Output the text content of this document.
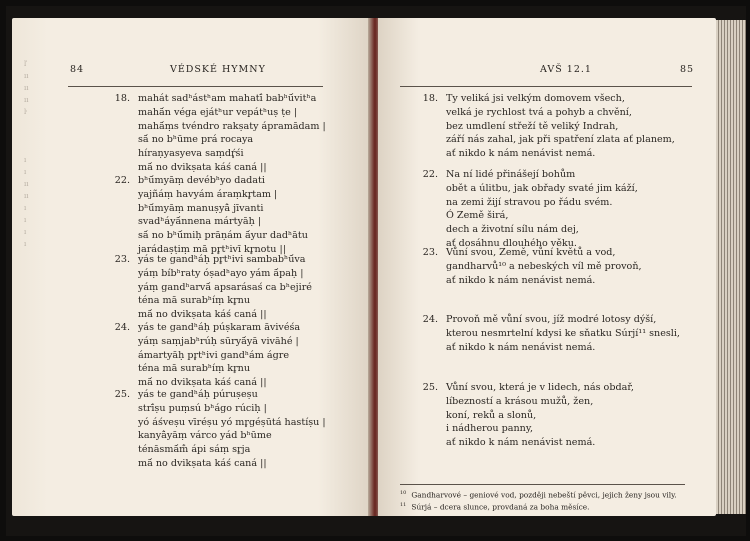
ľ
ıı
ıı
ıı
ŀ

ı
ı
ıı
ıı
ı
ı
ı
ı
84	VÉDSKÉ HYMNY
18. mahát sadʰástʰam mahatī́ babʰū́vitʰa
mahā́n végа ejátʰur vepátʰuṣ ṭe |
mahā́ṃs tvéndro rakṣaty ápramādam |
sā́ no bʰūme prá rocaya
híraṇyasyeva saṃdŕ̥śi
mā́ no dvikṣata káś caná ||
22. bʰū́myāṃ devébʰyo dadati
yajñáṃ havyám áraṃkr̥tam |
bʰū́myāṃ manuṣyā̀ jīvanti
svadʰáyā́nnena mártyāḥ |
sā́ no bʰū́miḥ prāṇám ā́yur dadʰātu
jarádaṣṭiṃ mā pr̥tʰivī kr̥notu ||
23. yás te gandʰáḥ pr̥tʰivi sambabʰū́va
yáṃ bíbʰraty óṣadʰayo yám ā́paḥ |
yáṃ gandʰarvā́ apsarásaś ca bʰejiré
téna mā surabʰíṃ kr̥nu
mā́ no dvikṣata káś caná ||
24. yás te gandʰáḥ púṣkaram āvivéśa
yáṃ saṃjabʰrúḥ sūryā́yā vivāhé |
ámartyāḥ pr̥tʰivi gandʰám ágre
téna mā surabʰíṃ kr̥nu
mā́ no dvikṣata káś caná ||
25. yás te gandʰáḥ púruṣeṣu
strī́ṣu puṃsú bʰágo rúciḥ |
yó áśveṣu vīréṣu yó mr̥géṣūtá hastíṣu |
kanyā̀yāṃ várco yád bʰūme
ténāsmā́m̐ ápi sáṃ sr̥ja
mā́ no dvikṣata káś caná ||
AVŠ 12.1	85
18. Ty veliká jsi velkým domovem všech,
velká je rychlost tvá a pohyb a chvění,
bez umdlení střeží tě veliký Indrah,
září nás zahal, jak při spatření zlata ať planem,
ať nikdo k nám nenávist nemá.
22. Na ní lidé přinášejí bohům
obět a úlitbu, jak obřady svaté jim káží,
na zemi žijí stravou po řádu svém.
Ó Země širá,
dech a životní sílu nám dej,
ať dosáhnu dlouhého věku.
23. Vůní svou, Země, vůní květů a vod,
gandharvů¹⁰ a nebeských víl mě provoň,
ať nikdo k nám nenávist nemá.
24. Provoň mě vůní svou, jíž modré lotosy dýší,
kterou nesmrtelní kdysi ke sňatku Súrjí¹¹ snesli,
ať nikdo k nám nenávist nemá.
25. Vůní svou, která je v lidech, nás obdař,
líbezností a krásou mužů, žen,
koní, reků a slonů,
i nádherou panny,
ať nikdo k nám nenávist nemá.
$^{10}$ Gandharvové – geniové vod, později nebeští pěvci, jejich ženy jsou vily.
$^{11}$ Súrjá – dcera slunce, provdaná za boha měsíce.
